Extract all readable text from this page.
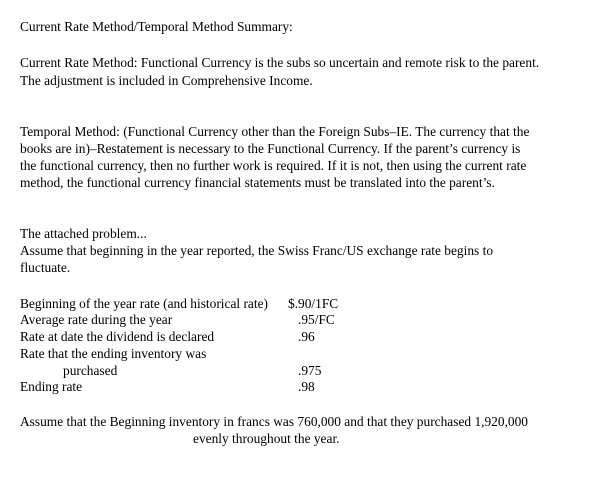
Current Rate Method/Temporal Method Summary:
Current Rate Method: Functional Currency is the subs so uncertain and remote risk to the parent.
The adjustment is included in Comprehensive Income.
Temporal Method: (Functional Currency other than the Foreign Subs–IE. The currency that the
books are in)–Restatement is necessary to the Functional Currency. If the parent’s currency is
the functional currency, then no further work is required. If it is not, then using the current rate
method, the functional currency financial statements must be translated into the parent’s.
The attached problem...
Assume that beginning in the year reported, the Swiss Franc/US exchange rate begins to
fluctuate.
Beginning of the year rate (and historical rate) $.90/1FC
Average rate during the year	.95/FC
Rate at date the dividend is declared	.96
Rate that the ending inventory was
purchased	.975
Ending rate	.98
Assume that the Beginning inventory in francs was 760,000 and that they purchased 1,920,000
evenly throughout the year.
